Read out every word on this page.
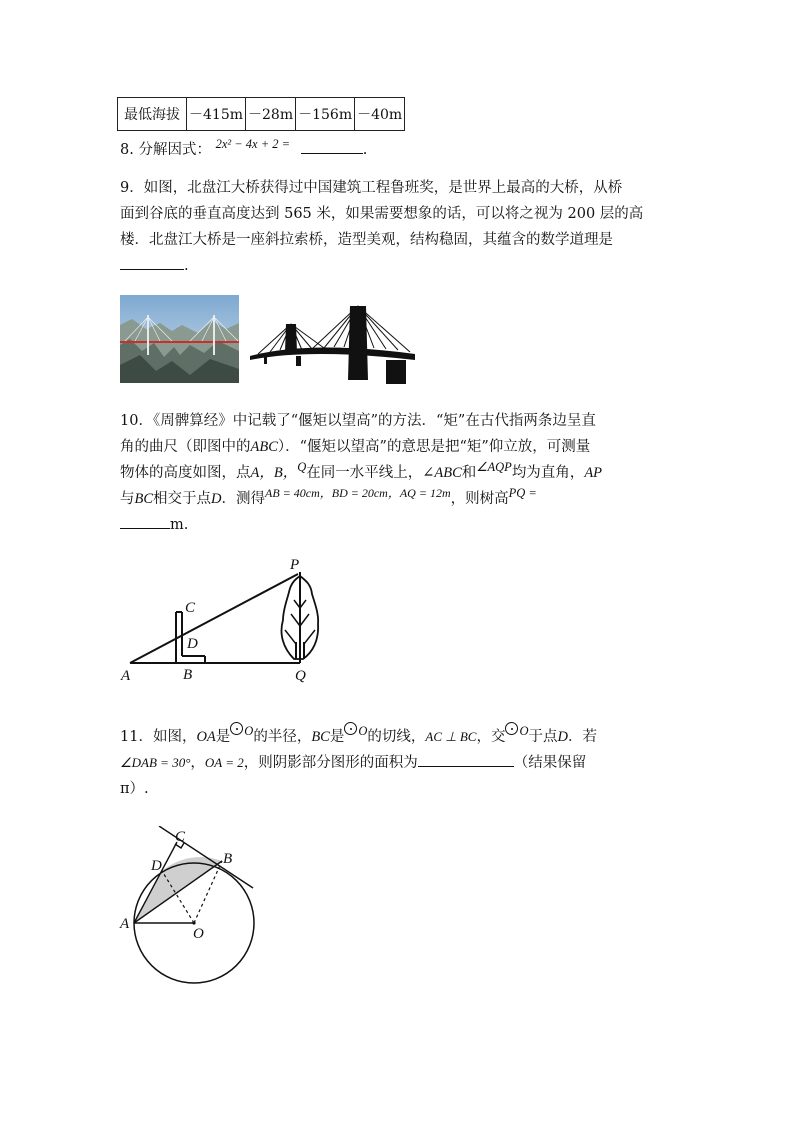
最低海拔	－415m	－28m	－156m	－40m
8. 分解因式： 2x² − 4x + 2 =	.
9．如图，北盘江大桥获得过中国建筑工程鲁班奖，是世界上最高的大桥，从桥
面到谷底的垂直高度达到 565 米，如果需要想象的话，可以将之视为 200 层的高
楼．北盘江大桥是一座斜拉索桥，造型美观，结构稳固，其蕴含的数学道理是
.
10．《周髀算经》中记载了“偃矩以望高”的方法．“矩”在古代指两条边呈直
角的曲尺（即图中的ABC）．“偃矩以望高”的意思是把“矩”仰立放，可测量
物体的高度如图，点A，B，Q在同一水平线上，∠ABC和∠AQP均为直角，AP
与BC相交于点D．测得$^{AB = 40cm,BD = 20cm,AQ = 12m}$，则树高PQ =
m.
P
C
D
A	B	Q
11．如图，OA是 O的半径，BC是 O的切线，AC ⊥ BC，交 O于点D．若
∠DAB = 30°，OA = 2，则阴影部分图形的面积为	（结果保留
π）.
C
D	B
A
O
